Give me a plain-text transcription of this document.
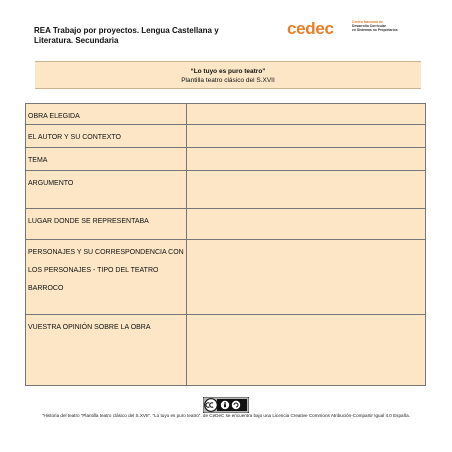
REA Trabajo por proyectos. Lengua Castellana y Literatura. Secundaria
cedec	Centro Nacional de
Desarrollo Curricular
en Sistemas no Propietarios
“Lo tuyo es puro teatro”
Plantilla teatro clásico del S.XVII
OBRA ELEGIDA	
EL AUTOR Y SU CONTEXTO	
TEMA	
ARGUMENTO	
LUGAR DONDE SE REPRESENTABA	
PERSONAJES Y SU CORRESPONDENCIA CON LOS PERSONAJES - TIPO DEL TEATRO BARROCO	
VUESTRA OPINIÓN SOBRE LA OBRA	
“Historia del teatro “Plantilla teatro clásico del S.XVII”. “Lo tuyo es puro teatro”. de CeDeC se encuentra bajo una Licencia Creative Commons Atribución-Compartir Igual 4.0 España.
